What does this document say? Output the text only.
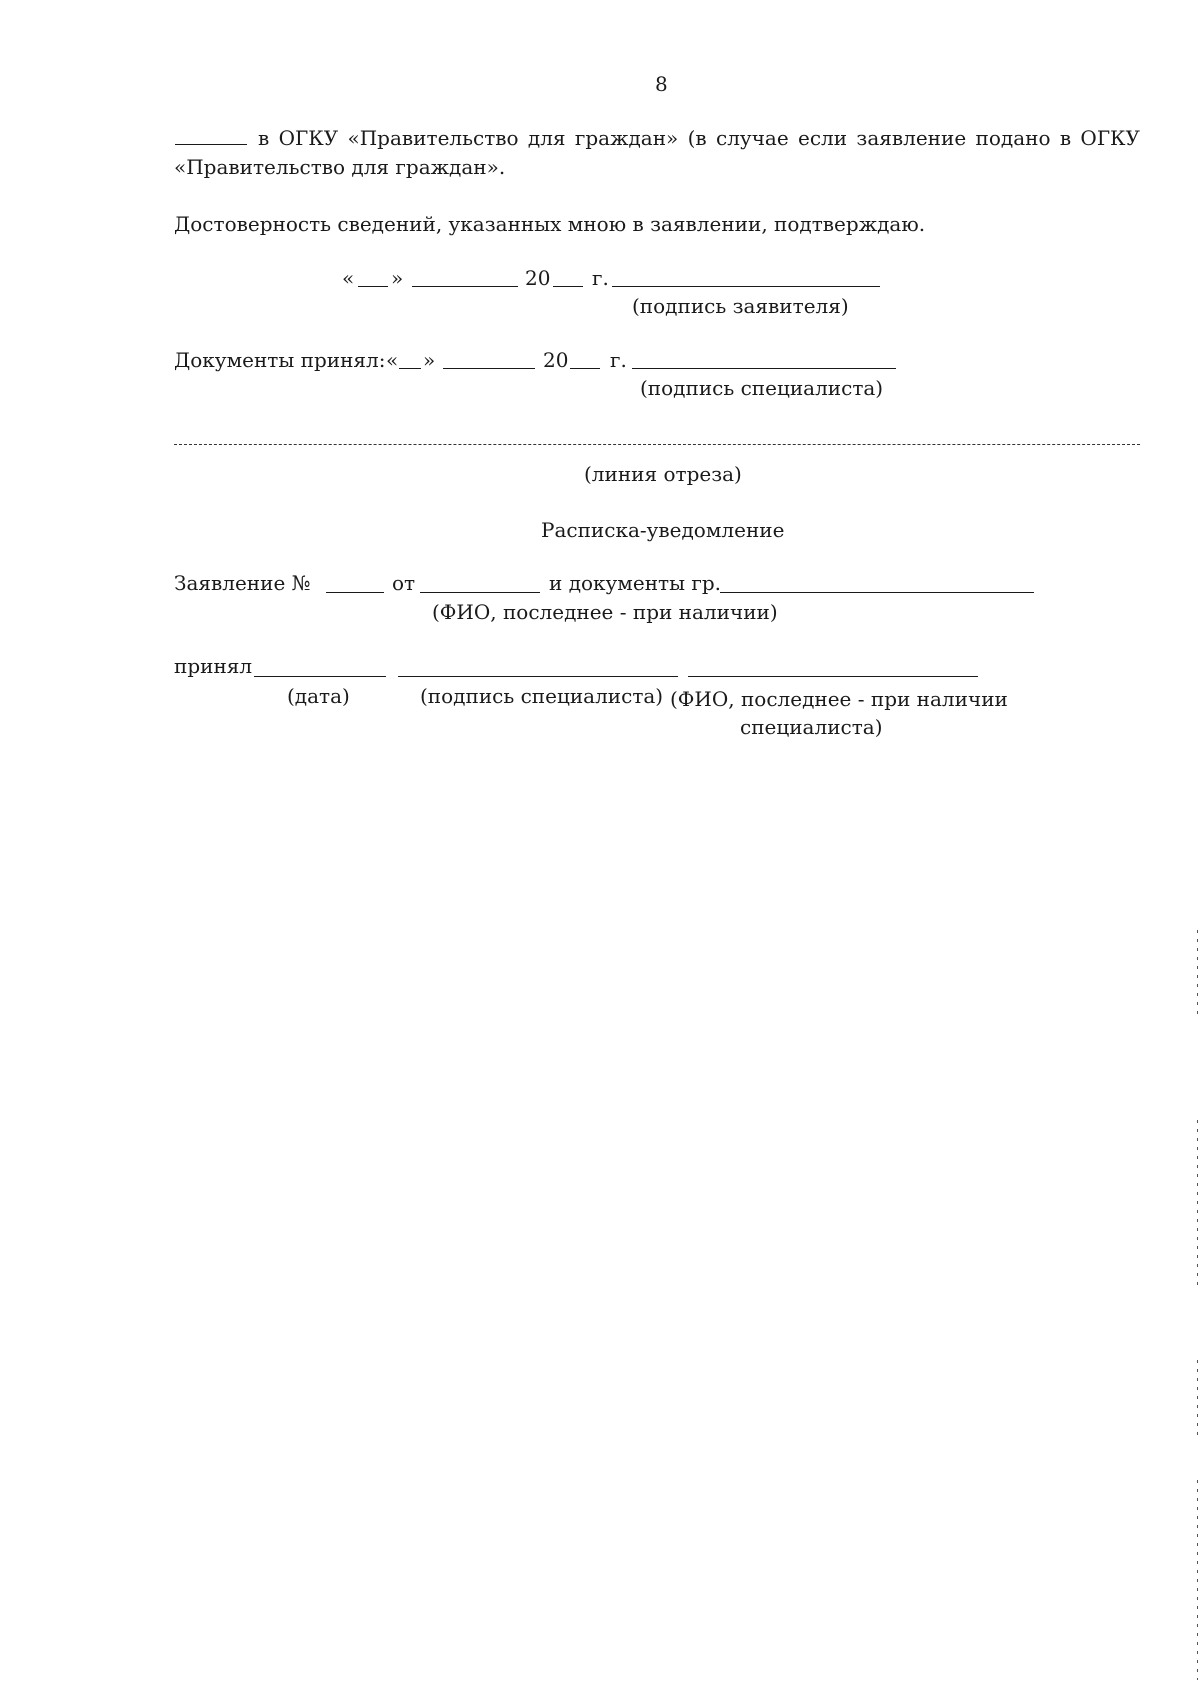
8
в ОГКУ «Правительство для граждан» (в случае если заявление подано в ОГКУ
«Правительство для граждан».
Достоверность сведений, указанных мною в заявлении, подтверждаю.
« »	20 г.
(подпись заявителя)
Документы принял: « »	20 г.
(подпись специалиста)
(линия отреза)
Расписка-уведомление
Заявление №	от	и документы гр.
(ФИО, последнее - при наличии)
принял
(дата)	(подпись специалиста) (ФИО, последнее - при наличии
специалиста)
